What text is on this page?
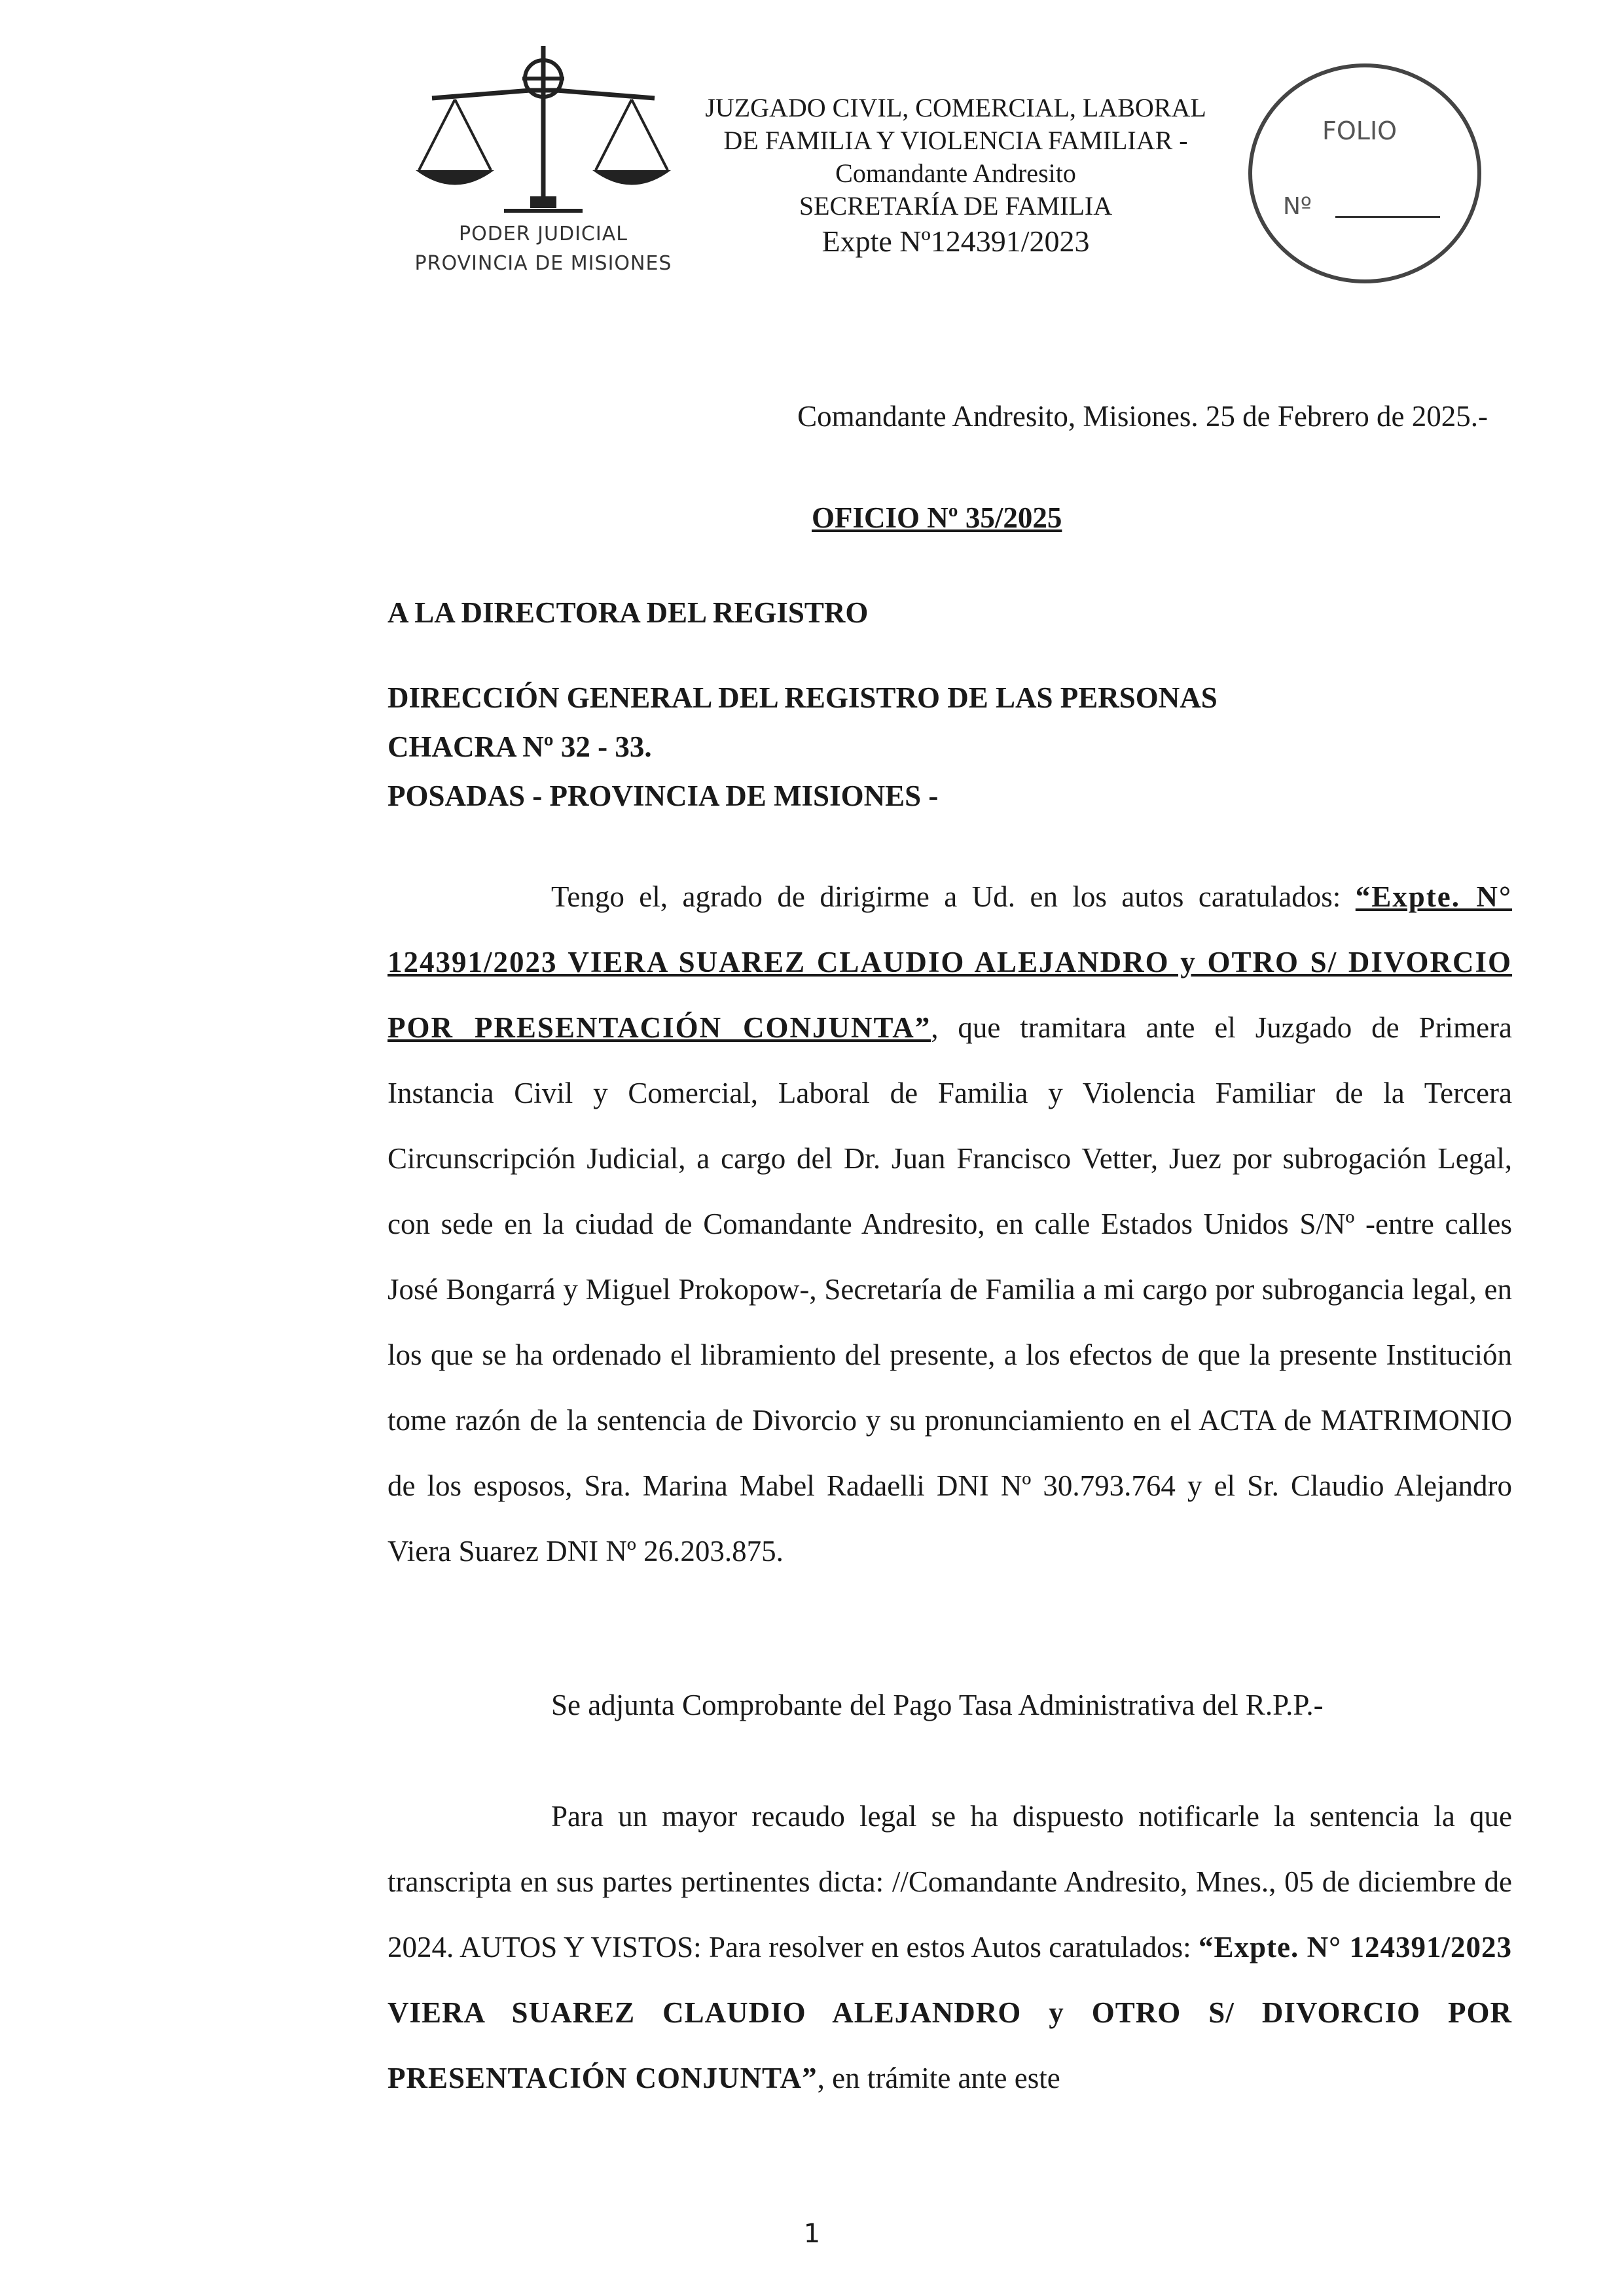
PODER JUDICIAL
PROVINCIA DE MISIONES
JUZGADO CIVIL, COMERCIAL, LABORAL
DE FAMILIA Y VIOLENCIA FAMILIAR -
Comandante Andresito
SECRETARÍA DE FAMILIA
Expte Nº124391/2023
FOLIO
Nº
Comandante Andresito, Misiones. 25 de Febrero de 2025.-
OFICIO Nº 35/2025
A LA DIRECTORA DEL REGISTRO
DIRECCIÓN GENERAL DEL REGISTRO DE LAS PERSONAS
CHACRA Nº 32 - 33.
POSADAS - PROVINCIA DE MISIONES -

Tengo el, agrado de dirigirme a Ud. en los autos caratulados: “Expte. N° 124391/2023 VIERA SUAREZ CLAUDIO ALEJANDRO y OTRO S/ DIVORCIO POR PRESENTACIÓN CONJUNTA”, que tramitara ante el Juzgado de Primera Instancia Civil y Comercial, Laboral de Familia y Violencia Familiar de la Tercera Circunscripción Judicial, a cargo del Dr. Juan Francisco Vetter, Juez por subrogación Legal, con sede en la ciudad de Comandante Andresito, en calle Estados Unidos S/Nº -entre calles José Bongarrá y Miguel Prokopow-, Secretaría de Familia a mi cargo por subrogancia legal, en los que se ha ordenado el libramiento del presente, a los efectos de que la presente Institución tome razón de la sentencia de Divorcio y su pronunciamiento en el ACTA de MATRIMONIO de los esposos, Sra. Marina Mabel Radaelli DNI Nº 30.793.764 y el Sr. Claudio Alejandro Viera Suarez DNI Nº 26.203.875.

Se adjunta Comprobante del Pago Tasa Administrativa del R.P.P.-

Para un mayor recaudo legal se ha dispuesto notificarle la sentencia la que transcripta en sus partes pertinentes dicta: //Comandante Andresito, Mnes., 05 de diciembre de 2024. AUTOS Y VISTOS: Para resolver en estos Autos caratulados: “Expte. N° 124391/2023 VIERA SUAREZ CLAUDIO ALEJANDRO y OTRO S/ DIVORCIO POR PRESENTACIÓN CONJUNTA”, en trámite ante este

1
